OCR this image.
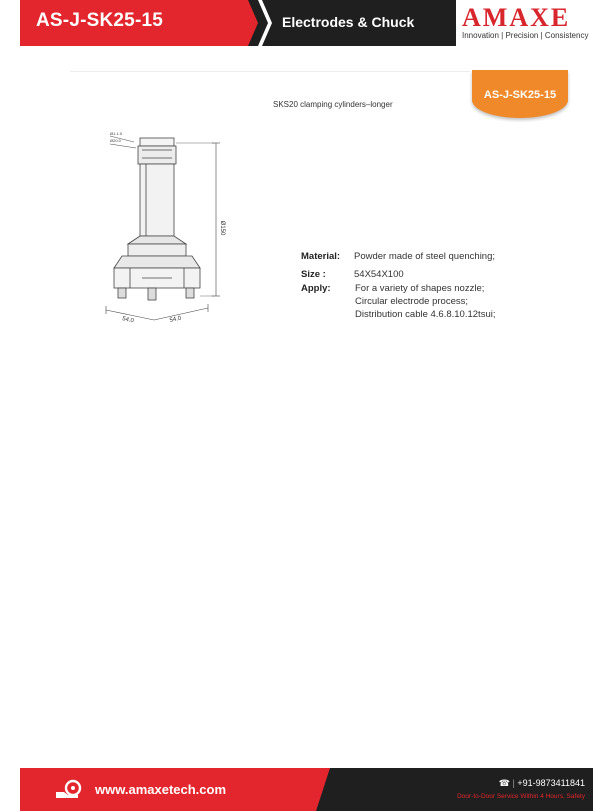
AS-J-SK25-15	Electrodes & Chuck AMAXE
Innovation | Precision | Consistency
AS-J-SK25-15
SKS20 clamping cylinders–longer
Ø150
54.0	54.0
Ø1.1.0
Ø20.0
Material: Powder made of steel quenching;
Size :	54X54X100
Apply:	For a variety of shapes nozzle;
Circular electrode process;
Distribution cable 4.6.8.10.12tsui;
www.amaxetech.com	☎ | +91-9873411841
Door-to-Door Service Within 4 Hours, Safety
